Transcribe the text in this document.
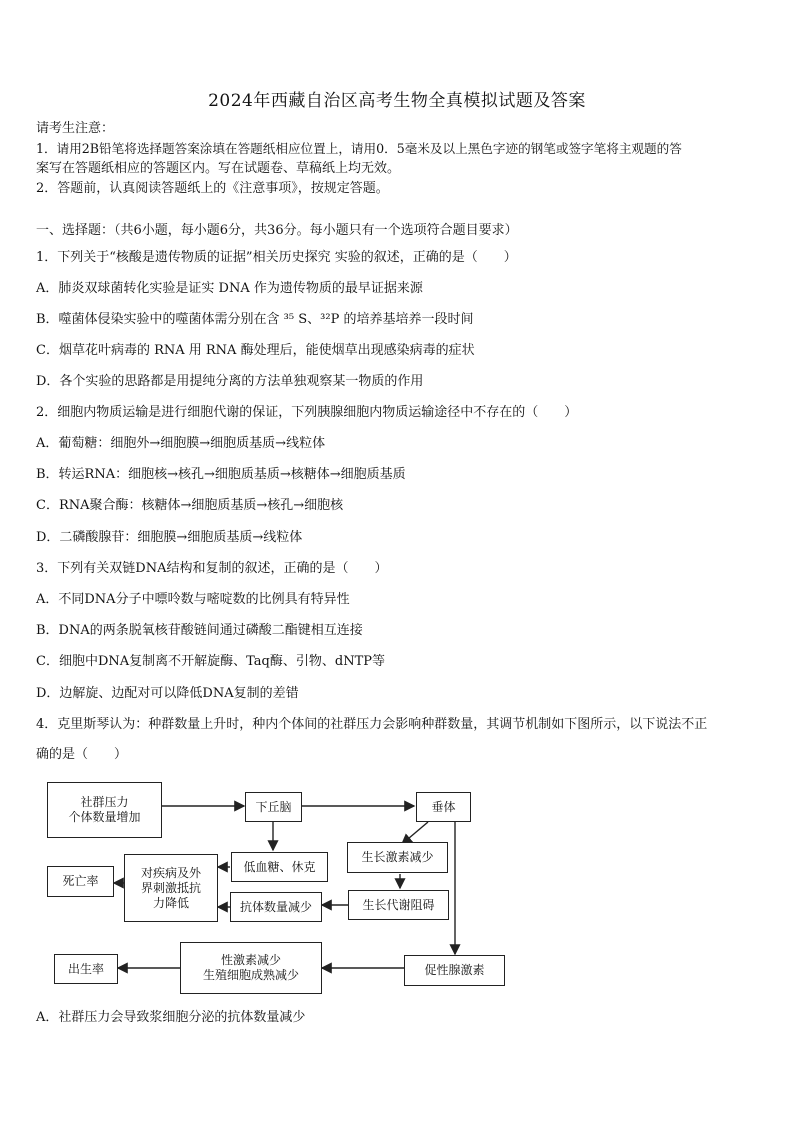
2024年西藏自治区高考生物全真模拟试题及答案
请考生注意：
1．请用2B铅笔将选择题答案涂填在答题纸相应位置上，请用0．5毫米及以上黑色字迹的钢笔或签字笔将主观题的答
案写在答题纸相应的答题区内。写在试题卷、草稿纸上均无效。
2．答题前，认真阅读答题纸上的《注意事项》，按规定答题。
一、选择题：（共6小题，每小题6分，共36分。每小题只有一个选项符合题目要求）
1．下列关于“核酸是遗传物质的证据”相关历史探究 实验的叙述，正确的是（　　）
A．肺炎双球菌转化实验是证实 DNA 作为遗传物质的最早证据来源
B．噬菌体侵染实验中的噬菌体需分别在含 ³⁵ S、³²P 的培养基培养一段时间
C．烟草花叶病毒的 RNA 用 RNA 酶处理后，能使烟草出现感染病毒的症状
D．各个实验的思路都是用提纯分离的方法单独观察某一物质的作用
2．细胞内物质运输是进行细胞代谢的保证，下列胰腺细胞内物质运输途径中不存在的（　　）
A．葡萄糖：细胞外→细胞膜→细胞质基质→线粒体
B．转运RNA：细胞核→核孔→细胞质基质→核糖体→细胞质基质
C．RNA聚合酶：核糖体→细胞质基质→核孔→细胞核
D．二磷酸腺苷：细胞膜→细胞质基质→线粒体
3．下列有关双链DNA结构和复制的叙述，正确的是（　　）
A．不同DNA分子中嘌呤数与嘧啶数的比例具有特异性
B．DNA的两条脱氧核苷酸链间通过磷酸二酯键相互连接
C．细胞中DNA复制离不开解旋酶、Taq酶、引物、dNTP等
D．边解旋、边配对可以降低DNA复制的差错
4．克里斯琴认为：种群数量上升时，种内个体间的社群压力会影响种群数量，其调节机制如下图所示，以下说法不正
确的是（　　）
社群压力
个体数量增加
下丘脑	垂体
低血糖、休克
生长激素减少
对疾病及外
界刺激抵抗
力降低
死亡率
抗体数量减少	生长代谢阻碍
性激素减少
生殖细胞成熟减少
出生率	促性腺激素
A．社群压力会导致浆细胞分泌的抗体数量减少
